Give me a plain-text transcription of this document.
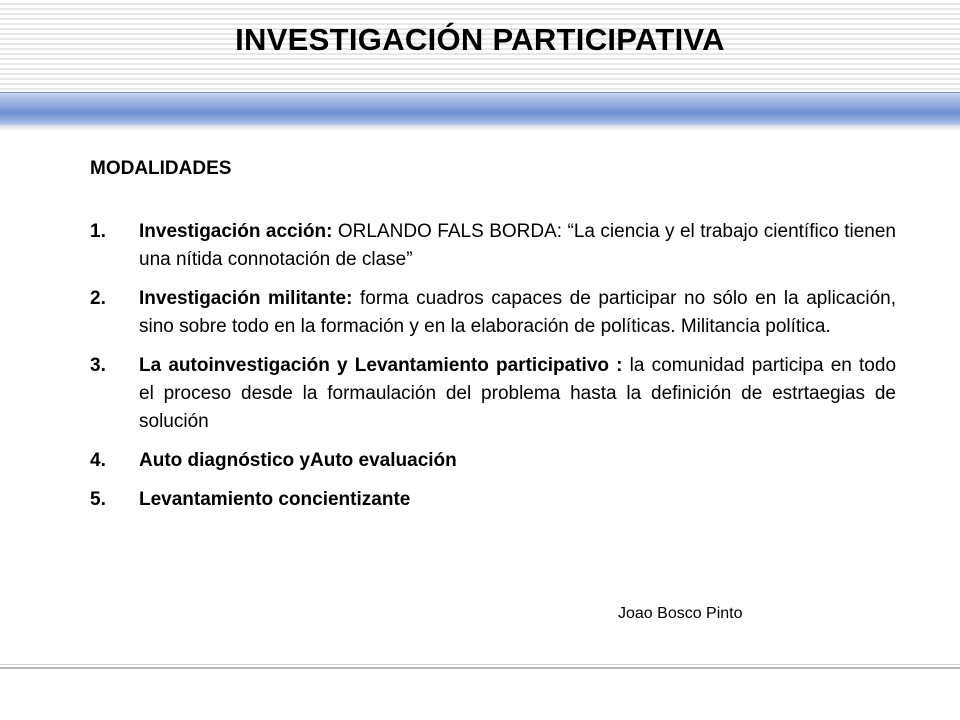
INVESTIGACIÓN PARTICIPATIVA

MODALIDADES

1. Investigación acción: ORLANDO FALS BORDA: “La ciencia y el trabajo científico tienen una nítida connotación de clase”
2. Investigación militante: forma cuadros capaces de participar no sólo en la aplicación, sino sobre todo en la formación y en la elaboración de políticas. Militancia política.
3. La autoinvestigación y Levantamiento participativo : la comunidad participa en todo el proceso desde la formaulación del problema hasta la definición de estrtaegias de solución
4. Auto diagnóstico yAuto evaluación
5. Levantamiento concientizante
Joao Bosco Pinto
